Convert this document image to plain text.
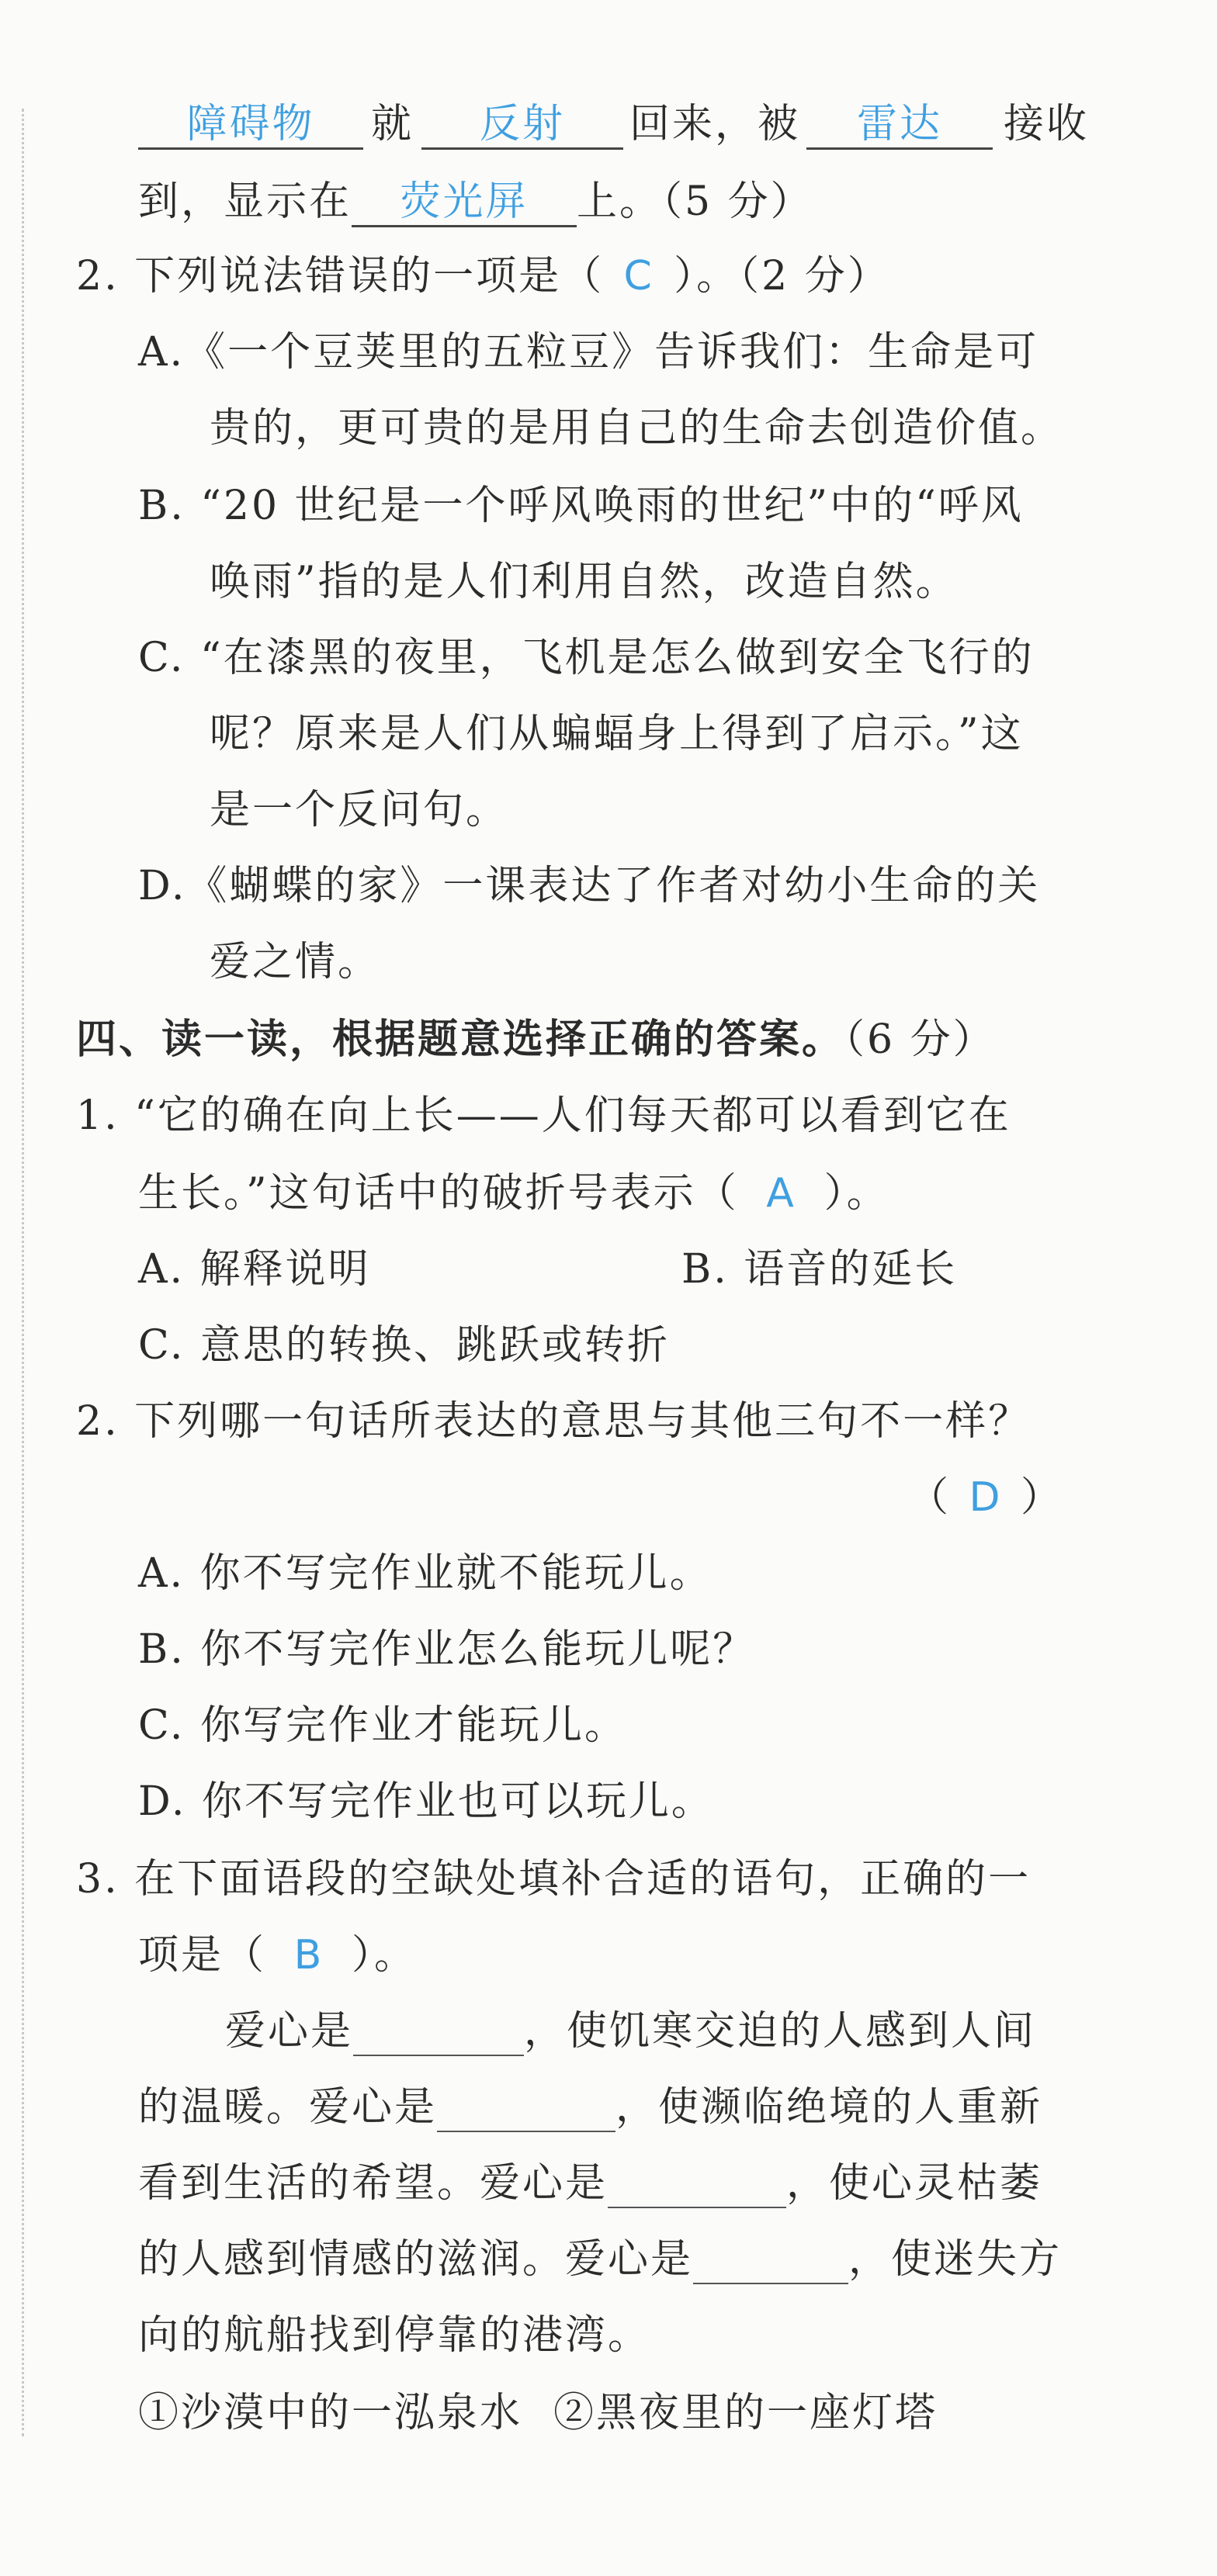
障碍物 就 反射 回来，被 雷达 接收
到，显示在 荧光屏 上。（5 分）
2. 下列说法错误的一项是（ C ）。（2 分）
A.《一个豆荚里的五粒豆》告诉我们：生命是可
贵的，更可贵的是用自己的生命去创造价值。
B. “20 世纪是一个呼风唤雨的世纪”中的“呼风
唤雨”指的是人们利用自然，改造自然。
C. “在漆黑的夜里，飞机是怎么做到安全飞行的
呢？原来是人们从蝙蝠身上得到了启示。”这
是一个反问句。
D.《蝴蝶的家》一课表达了作者对幼小生命的关
爱之情。
四、读一读，根据题意选择正确的答案。（6 分）
1. “它的确在向上长——人们每天都可以看到它在
生长。”这句话中的破折号表示（ A ）。
A. 解释说明	B. 语音的延长
C. 意思的转换、跳跃或转折
2. 下列哪一句话所表达的意思与其他三句不一样？
（ D ）
A. 你不写完作业就不能玩儿。
B. 你不写完作业怎么能玩儿呢？
C. 你写完作业才能玩儿。
D. 你不写完作业也可以玩儿。
3. 在下面语段的空缺处填补合适的语句，正确的一
项是（ B ）。
爱心是	，使饥寒交迫的人感到人间
的温暖。爱心是	，使濒临绝境的人重新
看到生活的希望。爱心是	，使心灵枯萎
的人感到情感的滋润。爱心是	，使迷失方
向的航船找到停靠的港湾。
①沙漠中的一泓泉水 ②黑夜里的一座灯塔
